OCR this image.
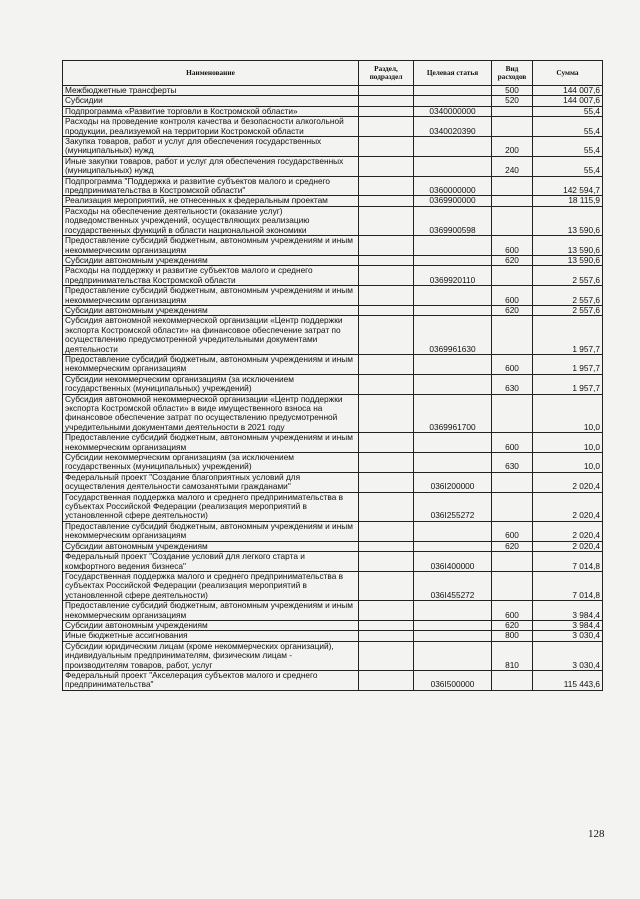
Наименование	Раздел, подраздел	Целевая статья	Вид расходов	Сумма
Межбюджетные трансферты			500	144 007,6
Субсидии			520	144 007,6
Подпрограмма «Развитие торговли в Костромской области»		0340000000		55,4
Расходы на проведение контроля качества и безопасности алкогольной продукции, реализуемой на территории Костромской области		0340020390		55,4
Закупка товаров, работ и услуг для обеспечения государственных (муниципальных) нужд			200	55,4
Иные закупки товаров, работ и услуг для обеспечения государственных (муниципальных) нужд			240	55,4
Подпрограмма "Поддержка и развитие субъектов малого и среднего предпринимательства в Костромской области"		0360000000		142 594,7
Реализация мероприятий, не отнесенных к федеральным проектам		0369900000		18 115,9
Расходы на обеспечение деятельности (оказание услуг) подведомственных учреждений, осуществляющих реализацию государственных функций в области национальной экономики		0369900598		13 590,6
Предоставление субсидий бюджетным, автономным учреждениям и иным некоммерческим организациям			600	13 590,6
Субсидии автономным учреждениям			620	13 590,6
Расходы на поддержку и развитие субъектов малого и среднего предпринимательства Костромской области		0369920110		2 557,6
Предоставление субсидий бюджетным, автономным учреждениям и иным некоммерческим организациям			600	2 557,6
Субсидии автономным учреждениям			620	2 557,6
Субсидия автономной некоммерческой организации «Центр поддержки экспорта Костромской области» на финансовое обеспечение затрат по осуществлению предусмотренной учредительными документами деятельности		0369961630		1 957,7
Предоставление субсидий бюджетным, автономным учреждениям и иным некоммерческим организациям			600	1 957,7
Субсидии некоммерческим организациям (за исключением государственных (муниципальных) учреждений)			630	1 957,7
Субсидия автономной некоммерческой организации «Центр поддержки экспорта Костромской области» в виде имущественного взноса на финансовое обеспечение затрат по осуществлению предусмотренной учредительными документами деятельности в 2021 году		0369961700		10,0
Предоставление субсидий бюджетным, автономным учреждениям и иным некоммерческим организациям			600	10,0
Субсидии некоммерческим организациям (за исключением государственных (муниципальных) учреждений)			630	10,0
Федеральный проект "Создание благоприятных условий для осуществления деятельности самозанятыми гражданами"		036I200000		2 020,4
Государственная поддержка малого и среднего предпринимательства в субъектах Российской Федерации (реализация мероприятий в установленной сфере деятельности)		036I255272		2 020,4
Предоставление субсидий бюджетным, автономным учреждениям и иным некоммерческим организациям			600	2 020,4
Субсидии автономным учреждениям			620	2 020,4
Федеральный проект "Создание условий для легкого старта и комфортного ведения бизнеса"		036I400000		7 014,8
Государственная поддержка малого и среднего предпринимательства в субъектах Российской Федерации (реализация мероприятий в установленной сфере деятельности)		036I455272		7 014,8
Предоставление субсидий бюджетным, автономным учреждениям и иным некоммерческим организациям			600	3 984,4
Субсидии автономным учреждениям			620	3 984,4
Иные бюджетные ассигнования			800	3 030,4
Субсидии юридическим лицам (кроме некоммерческих организаций), индивидуальным предпринимателям, физическим лицам - производителям товаров, работ, услуг			810	3 030,4
Федеральный проект "Акселерация субъектов малого и среднего предпринимательства"		036I500000		115 443,6
128
